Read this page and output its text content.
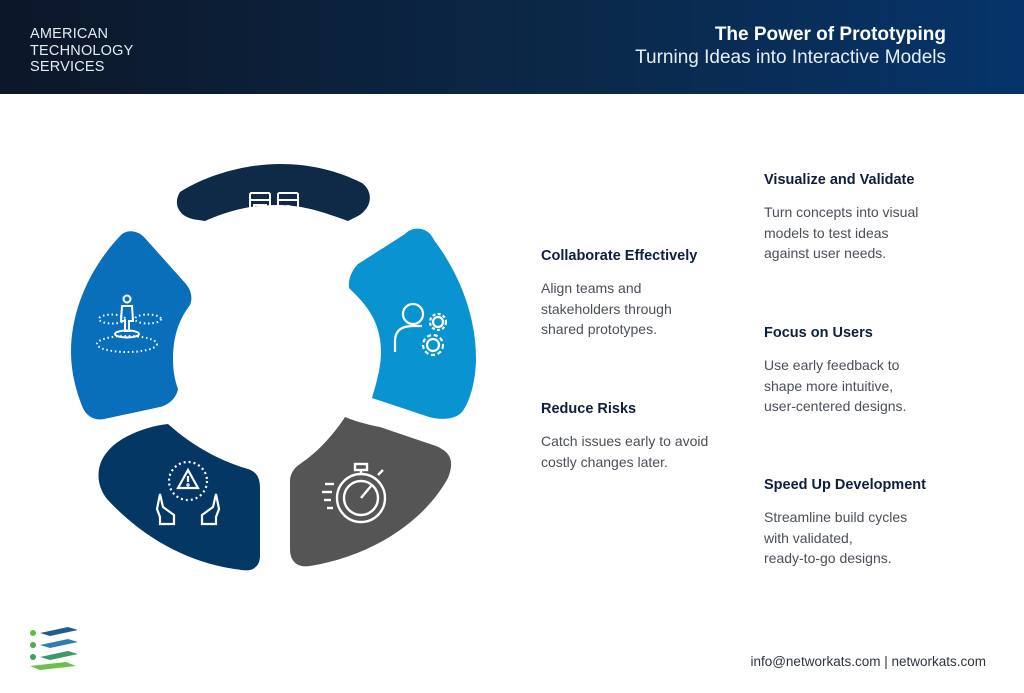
AMERICAN
TECHNOLOGY
SERVICES
The Power of Prototyping
Turning Ideas into Interactive Models
Visualize and Validate
Turn concepts into visual
models to test ideas
against user needs.
Collaborate Effectively
Align teams and
stakeholders through
shared prototypes.	Focus on Users
Use early feedback to
shape more intuitive,
user-centered designs.
Reduce Risks
Catch issues early to avoid
costly changes later.
Speed Up Development
Streamline build cycles
with validated,
ready-to-go designs.
info@networkats.com | networkats.com
